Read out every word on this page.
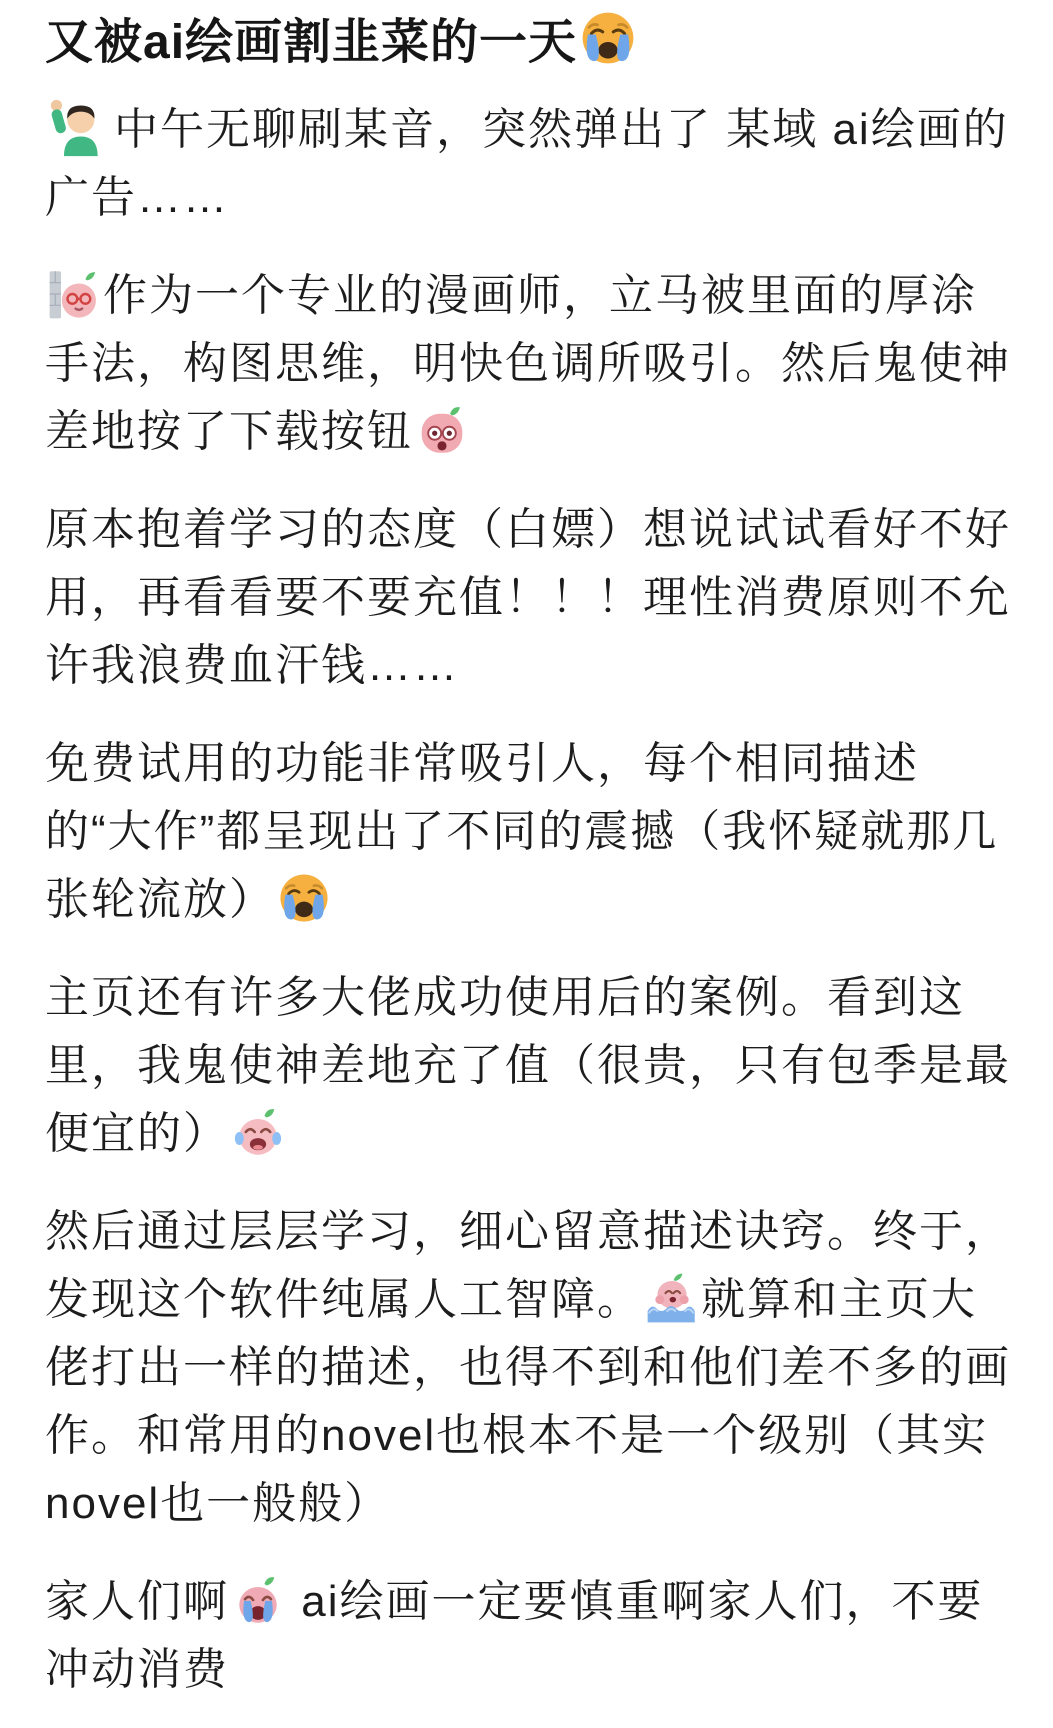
又被ai绘画割韭菜的一天

中午无聊刷某音，突然弹出了 某域 ai绘画的广告……

作为一个专业的漫画师，立马被里面的厚涂手法，构图思维，明快色调所吸引。然后鬼使神差地按了下载按钮

原本抱着学习的态度（白嫖）想说试试看好不好用，再看看要不要充值！！！理性消费原则不允许我浪费血汗钱……

免费试用的功能非常吸引人，每个相同描述的“大作”都呈现出了不同的震撼（我怀疑就那几张轮流放）

主页还有许多大佬成功使用后的案例。看到这里，我鬼使神差地充了值（很贵，只有包季是最便宜的）

然后通过层层学习，细心留意描述诀窍。终于，发现这个软件纯属人工智障。 就算和主页大佬打出一样的描述，也得不到和他们差不多的画作。和常用的novel也根本不是一个级别（其实novel也一般般）

家人们啊
ai绘画一定要慎重啊家人们，不要冲动消费
